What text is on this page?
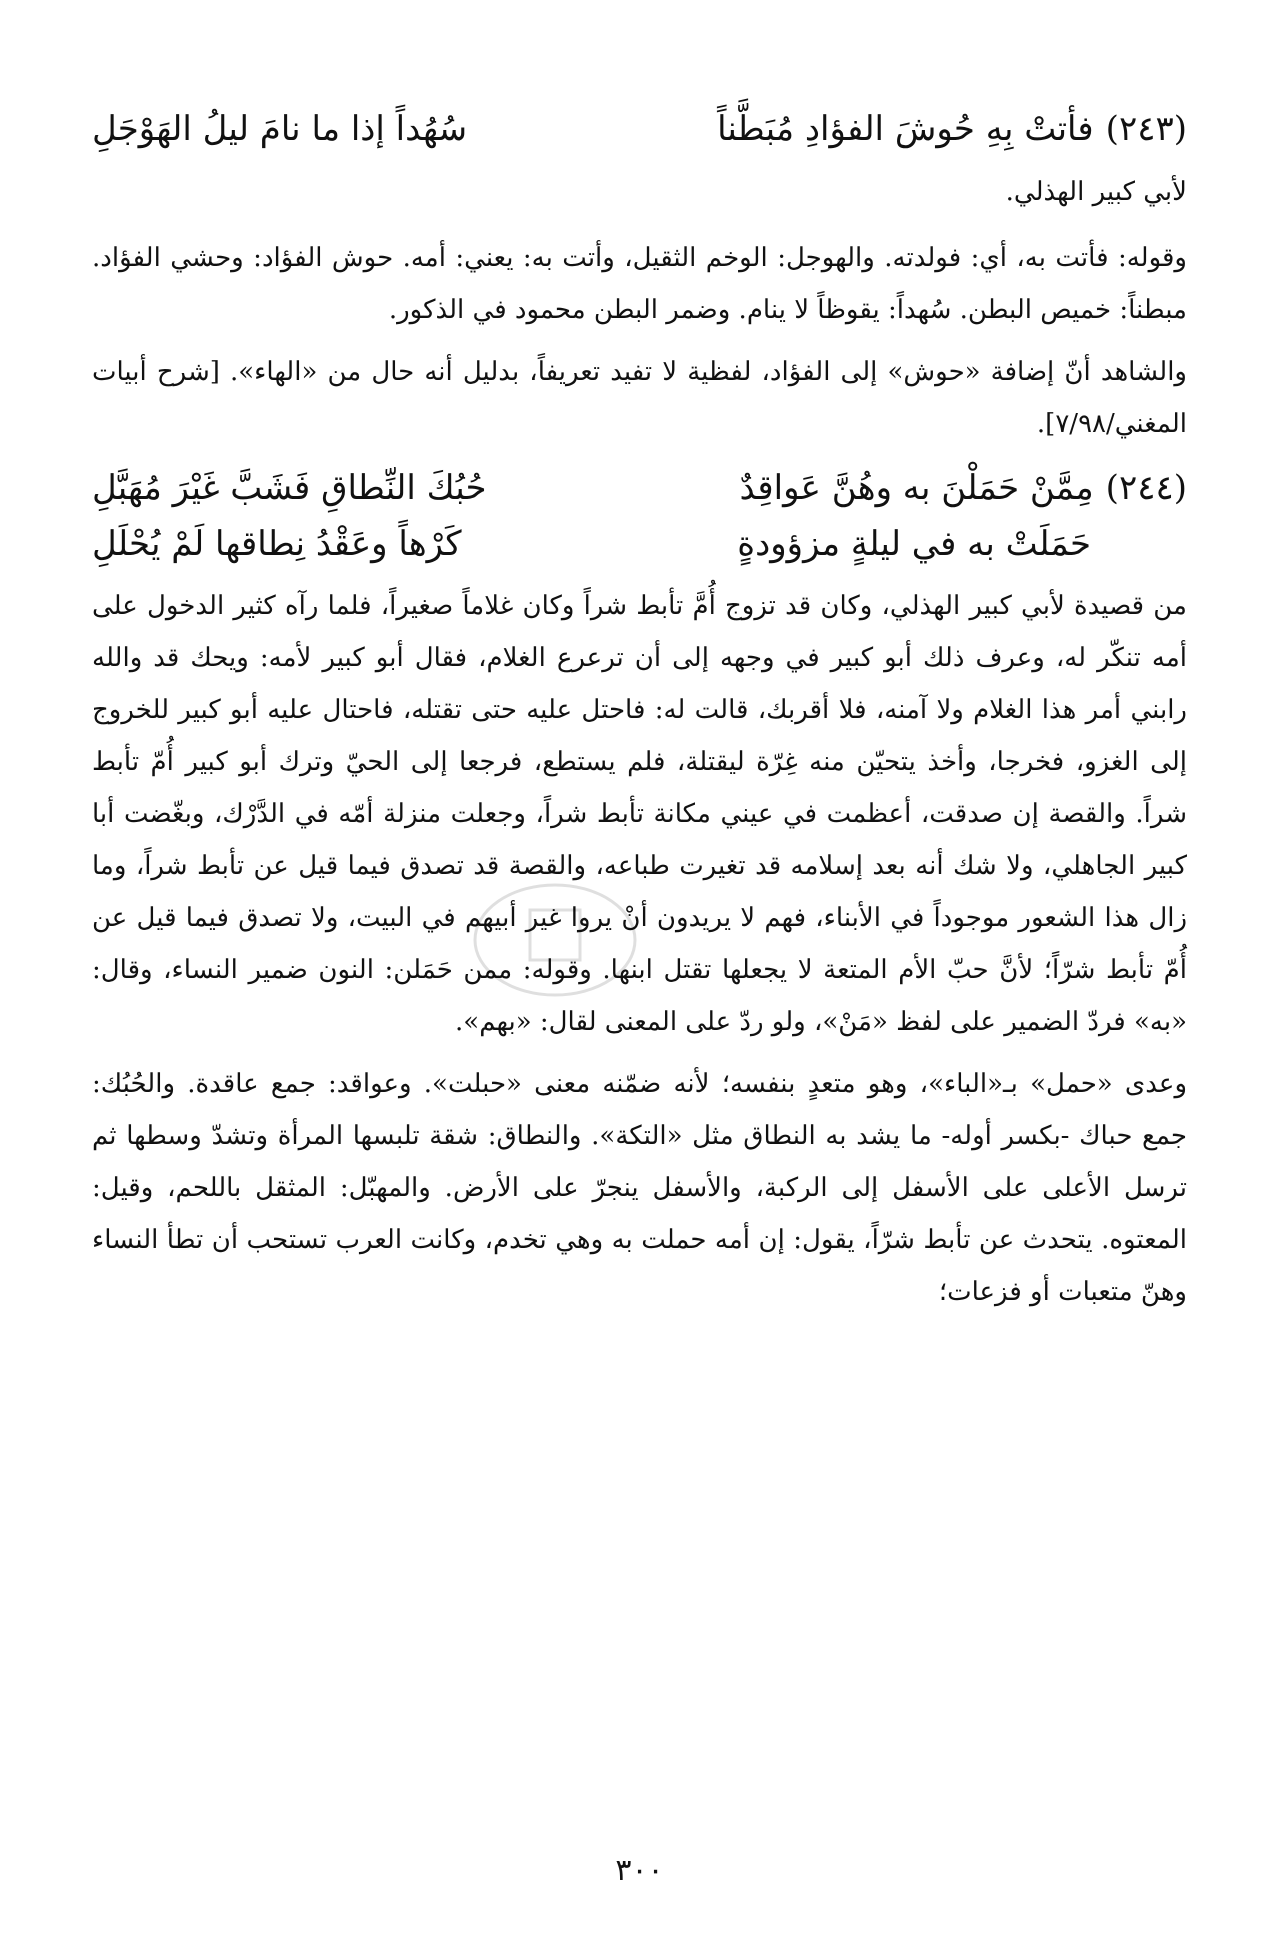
(٢٤٣)
فأتتْ بِهِ حُوشَ الفؤادِ مُبَطَّناً
سُهُداً إذا ما نامَ ليلُ الهَوْجَلِ
لأبي كبير الهذلي.

وقوله: فأتت به، أي: فولدته. والهوجل: الوخم الثقيل، وأتت به: يعني: أمه. حوش الفؤاد: وحشي الفؤاد. مبطناً: خميص البطن. سُهداً: يقوظاً لا ينام. وضمر البطن محمود في الذكور.

والشاهد أنّ إضافة «حوش» إلى الفؤاد، لفظية لا تفيد تعريفاً، بدليل أنه حال من «الهاء». [شرح أبيات المغني/٧/٩٨].

(٢٤٤)
مِمَّنْ حَمَلْنَ به وهُنَّ عَواقِدٌ
حُبُكَ النِّطاقِ فَشَبَّ غَيْرَ مُهَبَّلِ
حَمَلَتْ به في ليلةٍ مزؤودةٍ
كَرْهاً وعَقْدُ نِطاقها لَمْ يُحْلَلِ

من قصيدة لأبي كبير الهذلي، وكان قد تزوج أُمَّ تأبط شراً وكان غلاماً صغيراً، فلما رآه كثير الدخول على أمه تنكّر له، وعرف ذلك أبو كبير في وجهه إلى أن ترعرع الغلام، فقال أبو كبير لأمه: ويحك قد والله رابني أمر هذا الغلام ولا آمنه، فلا أقربك، قالت له: فاحتل عليه حتى تقتله، فاحتال عليه أبو كبير للخروج إلى الغزو، فخرجا، وأخذ يتحيّن منه غِرّة ليقتلة، فلم يستطع، فرجعا إلى الحيّ وترك أبو كبير أُمّ تأبط شراً. والقصة إن صدقت، أعظمت في عيني مكانة تأبط شراً، وجعلت منزلة أمّه في الدَّرْك، وبغّضت أبا كبير الجاهلي، ولا شك أنه بعد إسلامه قد تغيرت طباعه، والقصة قد تصدق فيما قيل عن تأبط شراً، وما زال هذا الشعور موجوداً في الأبناء، فهم لا يريدون أنْ يروا غير أبيهم في البيت، ولا تصدق فيما قيل عن أُمّ تأبط شرّاً؛ لأنَّ حبّ الأم المتعة لا يجعلها تقتل ابنها. وقوله: ممن حَمَلن: النون ضمير النساء، وقال: «به» فردّ الضمير على لفظ «مَنْ»، ولو ردّ على المعنى لقال: «بهم».

وعدى «حمل» بـ«الباء»، وهو متعدٍ بنفسه؛ لأنه ضمّنه معنى «حبلت». وعواقد: جمع عاقدة. والحُبُك: جمع حباك -بكسر أوله- ما يشد به النطاق مثل «التكة». والنطاق: شقة تلبسها المرأة وتشدّ وسطها ثم ترسل الأعلى على الأسفل إلى الركبة، والأسفل ينجرّ على الأرض. والمهبّل: المثقل باللحم، وقيل: المعتوه. يتحدث عن تأبط شرّاً، يقول: إن أمه حملت به وهي تخدم، وكانت العرب تستحب أن تطأ النساء وهنّ متعبات أو فزعات؛

٣٠٠
